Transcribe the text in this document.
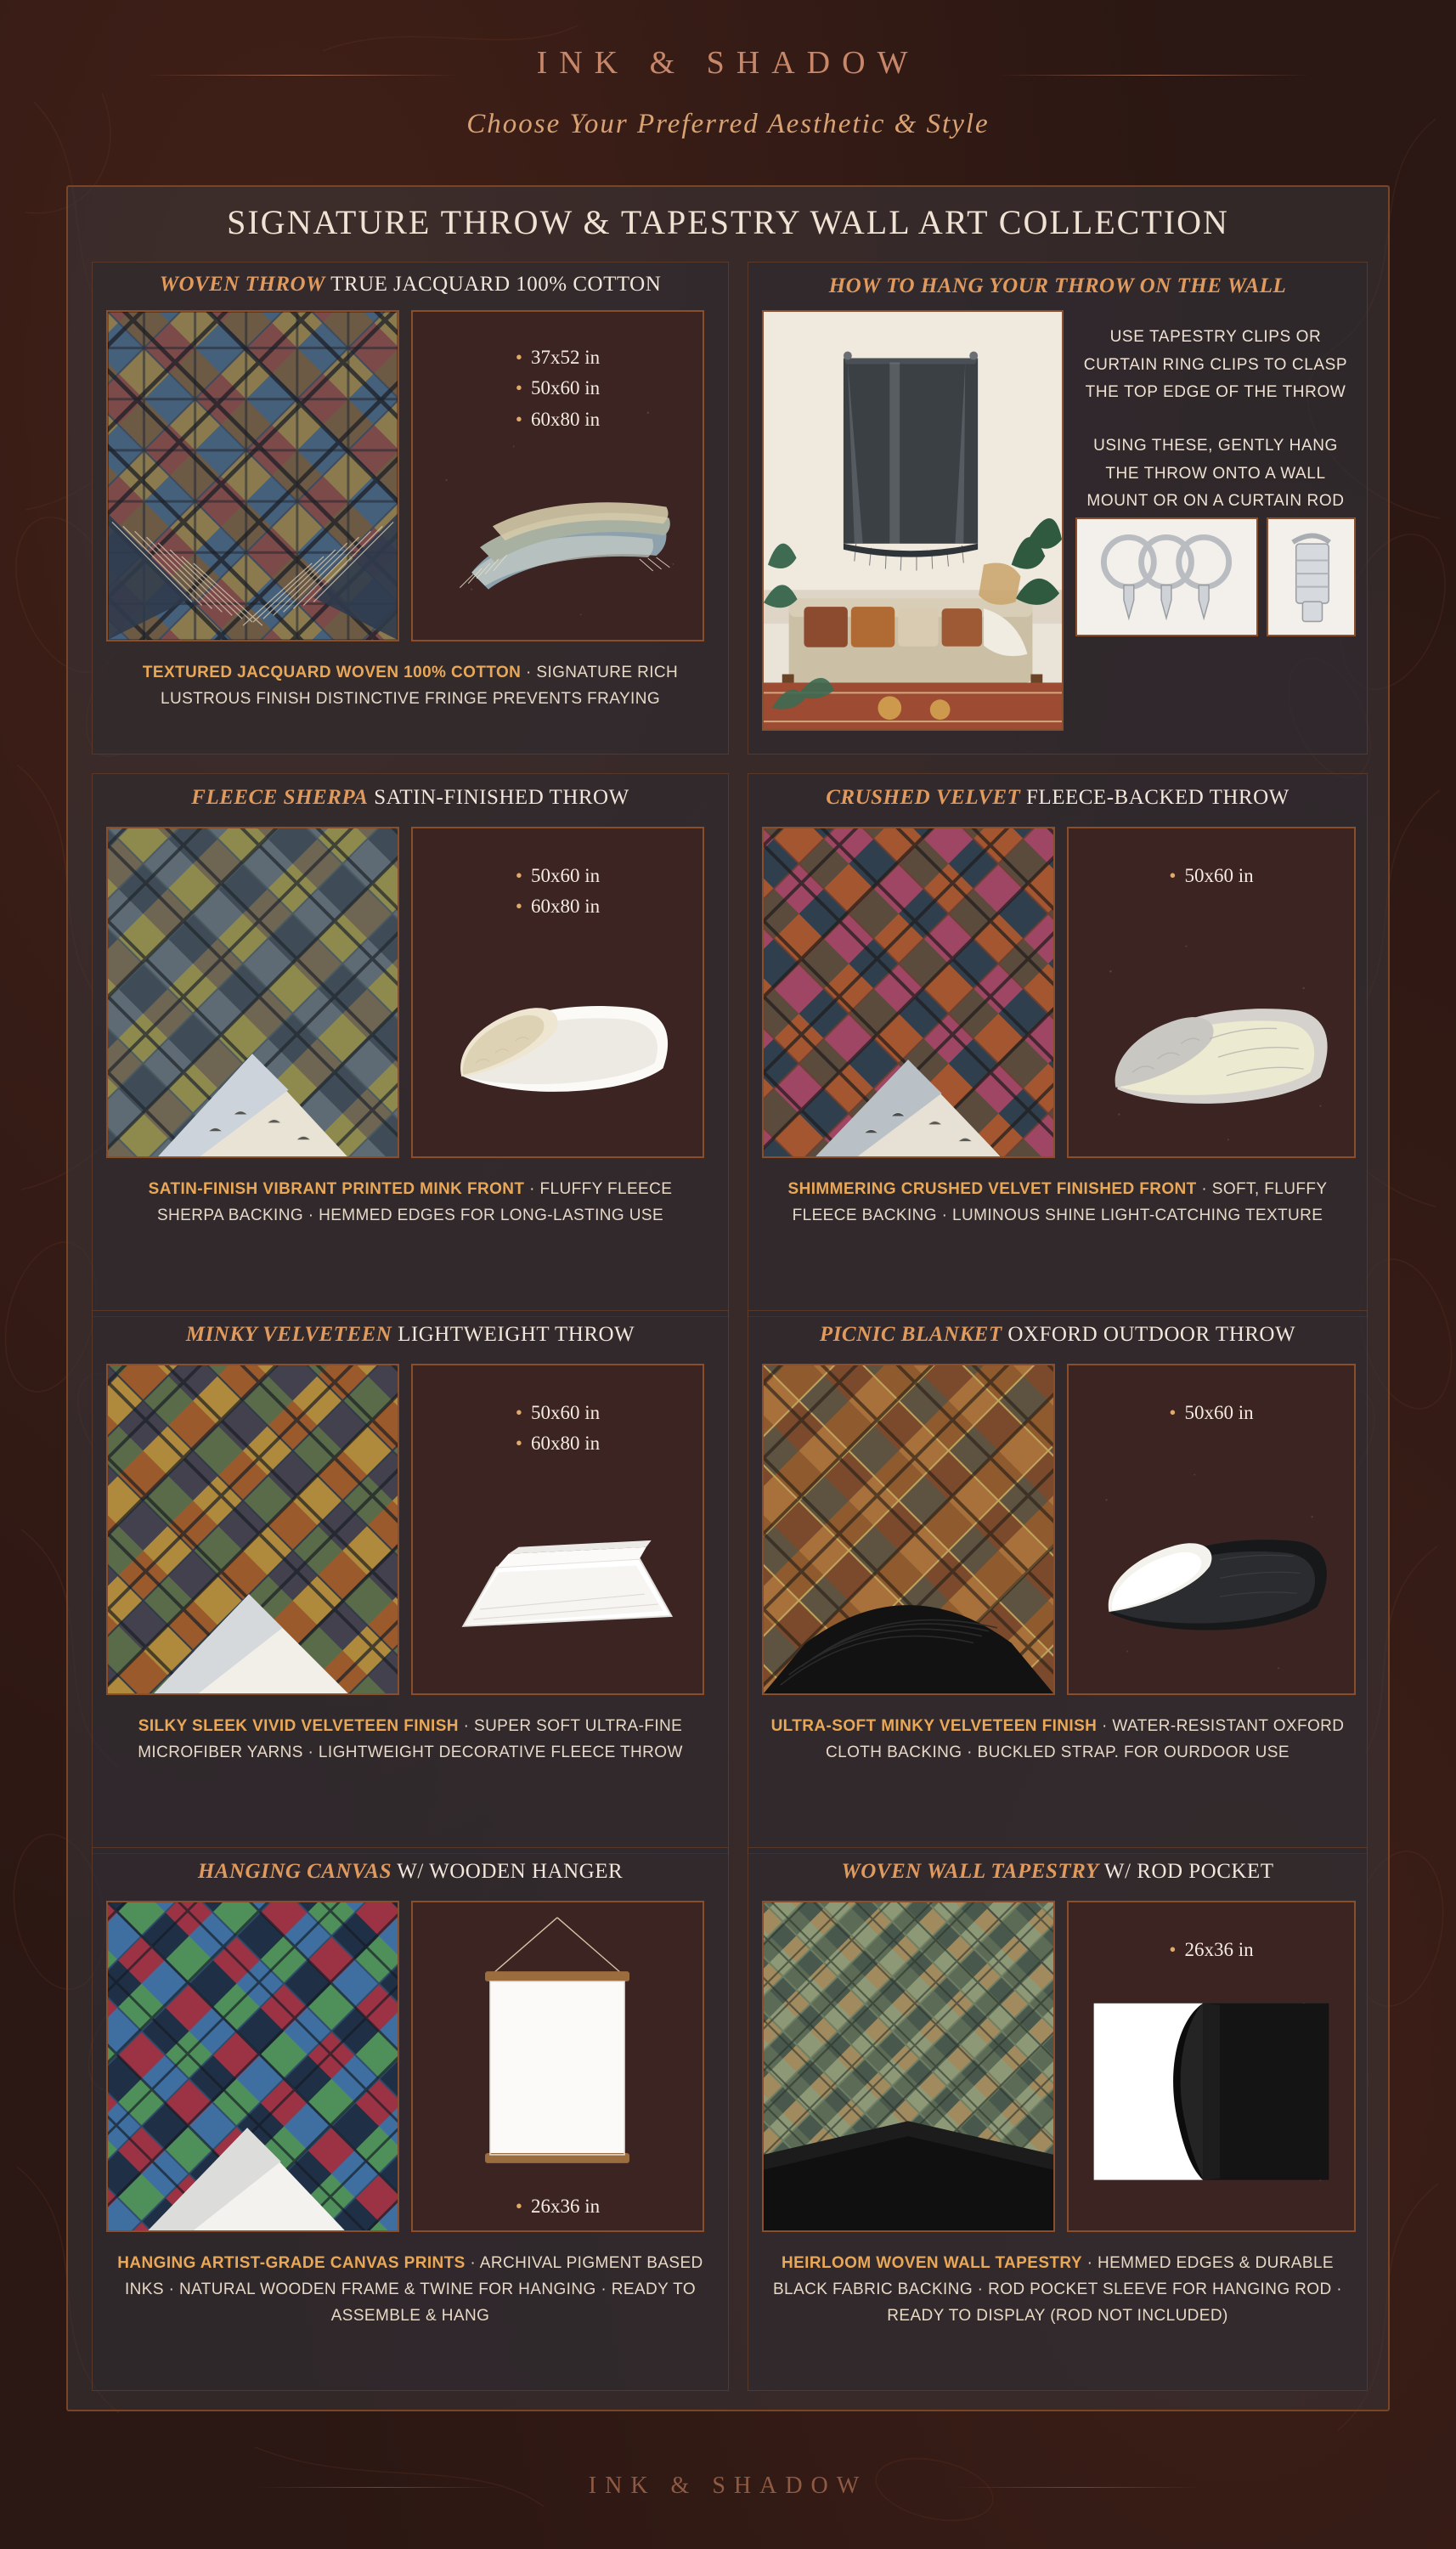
INK & SHADOW
Choose Your Preferred Aesthetic & Style
SIGNATURE THROW & TAPESTRY WALL ART COLLECTION
WOVEN THROW TRUE JACQUARD 100% COTTON
• 37x52 in
• 50x60 in
• 60x80 in
TEXTURED JACQUARD WOVEN 100% COTTON · SIGNATURE RICH LUSTROUS FINISH DISTINCTIVE FRINGE PREVENTS FRAYING
HOW TO HANG YOUR THROW ON THE WALL
USE TAPESTRY CLIPS OR CURTAIN RING CLIPS TO CLASP THE TOP EDGE OF THE THROW
USING THESE, GENTLY HANG THE THROW ONTO A WALL MOUNT OR ON A CURTAIN ROD
FLEECE SHERPA SATIN-FINISHED THROW
• 50x60 in
• 60x80 in
SATIN-FINISH VIBRANT PRINTED MINK FRONT · FLUFFY FLEECE SHERPA BACKING · HEMMED EDGES FOR LONG-LASTING USE
CRUSHED VELVET FLEECE-BACKED THROW
• 50x60 in
SHIMMERING CRUSHED VELVET FINISHED FRONT · SOFT, FLUFFY FLEECE BACKING · LUMINOUS SHINE LIGHT-CATCHING TEXTURE
MINKY VELVETEEN LIGHTWEIGHT THROW
• 50x60 in
• 60x80 in
SILKY SLEEK VIVID VELVETEEN FINISH · SUPER SOFT ULTRA-FINE MICROFIBER YARNS · LIGHTWEIGHT DECORATIVE FLEECE THROW
PICNIC BLANKET OXFORD OUTDOOR THROW
• 50x60 in
ULTRA-SOFT MINKY VELVETEEN FINISH · WATER-RESISTANT OXFORD CLOTH BACKING · BUCKLED STRAP. FOR OURDOOR USE
HANGING CANVAS W/ WOODEN HANGER
• 26x36 in
HANGING ARTIST-GRADE CANVAS PRINTS · ARCHIVAL PIGMENT BASED INKS · NATURAL WOODEN FRAME & TWINE FOR HANGING · READY TO ASSEMBLE & HANG
WOVEN WALL TAPESTRY W/ ROD POCKET
• 26x36 in
HEIRLOOM WOVEN WALL TAPESTRY · HEMMED EDGES & DURABLE BLACK FABRIC BACKING · ROD POCKET SLEEVE FOR HANGING ROD · READY TO DISPLAY (ROD NOT INCLUDED)
INK & SHADOW
